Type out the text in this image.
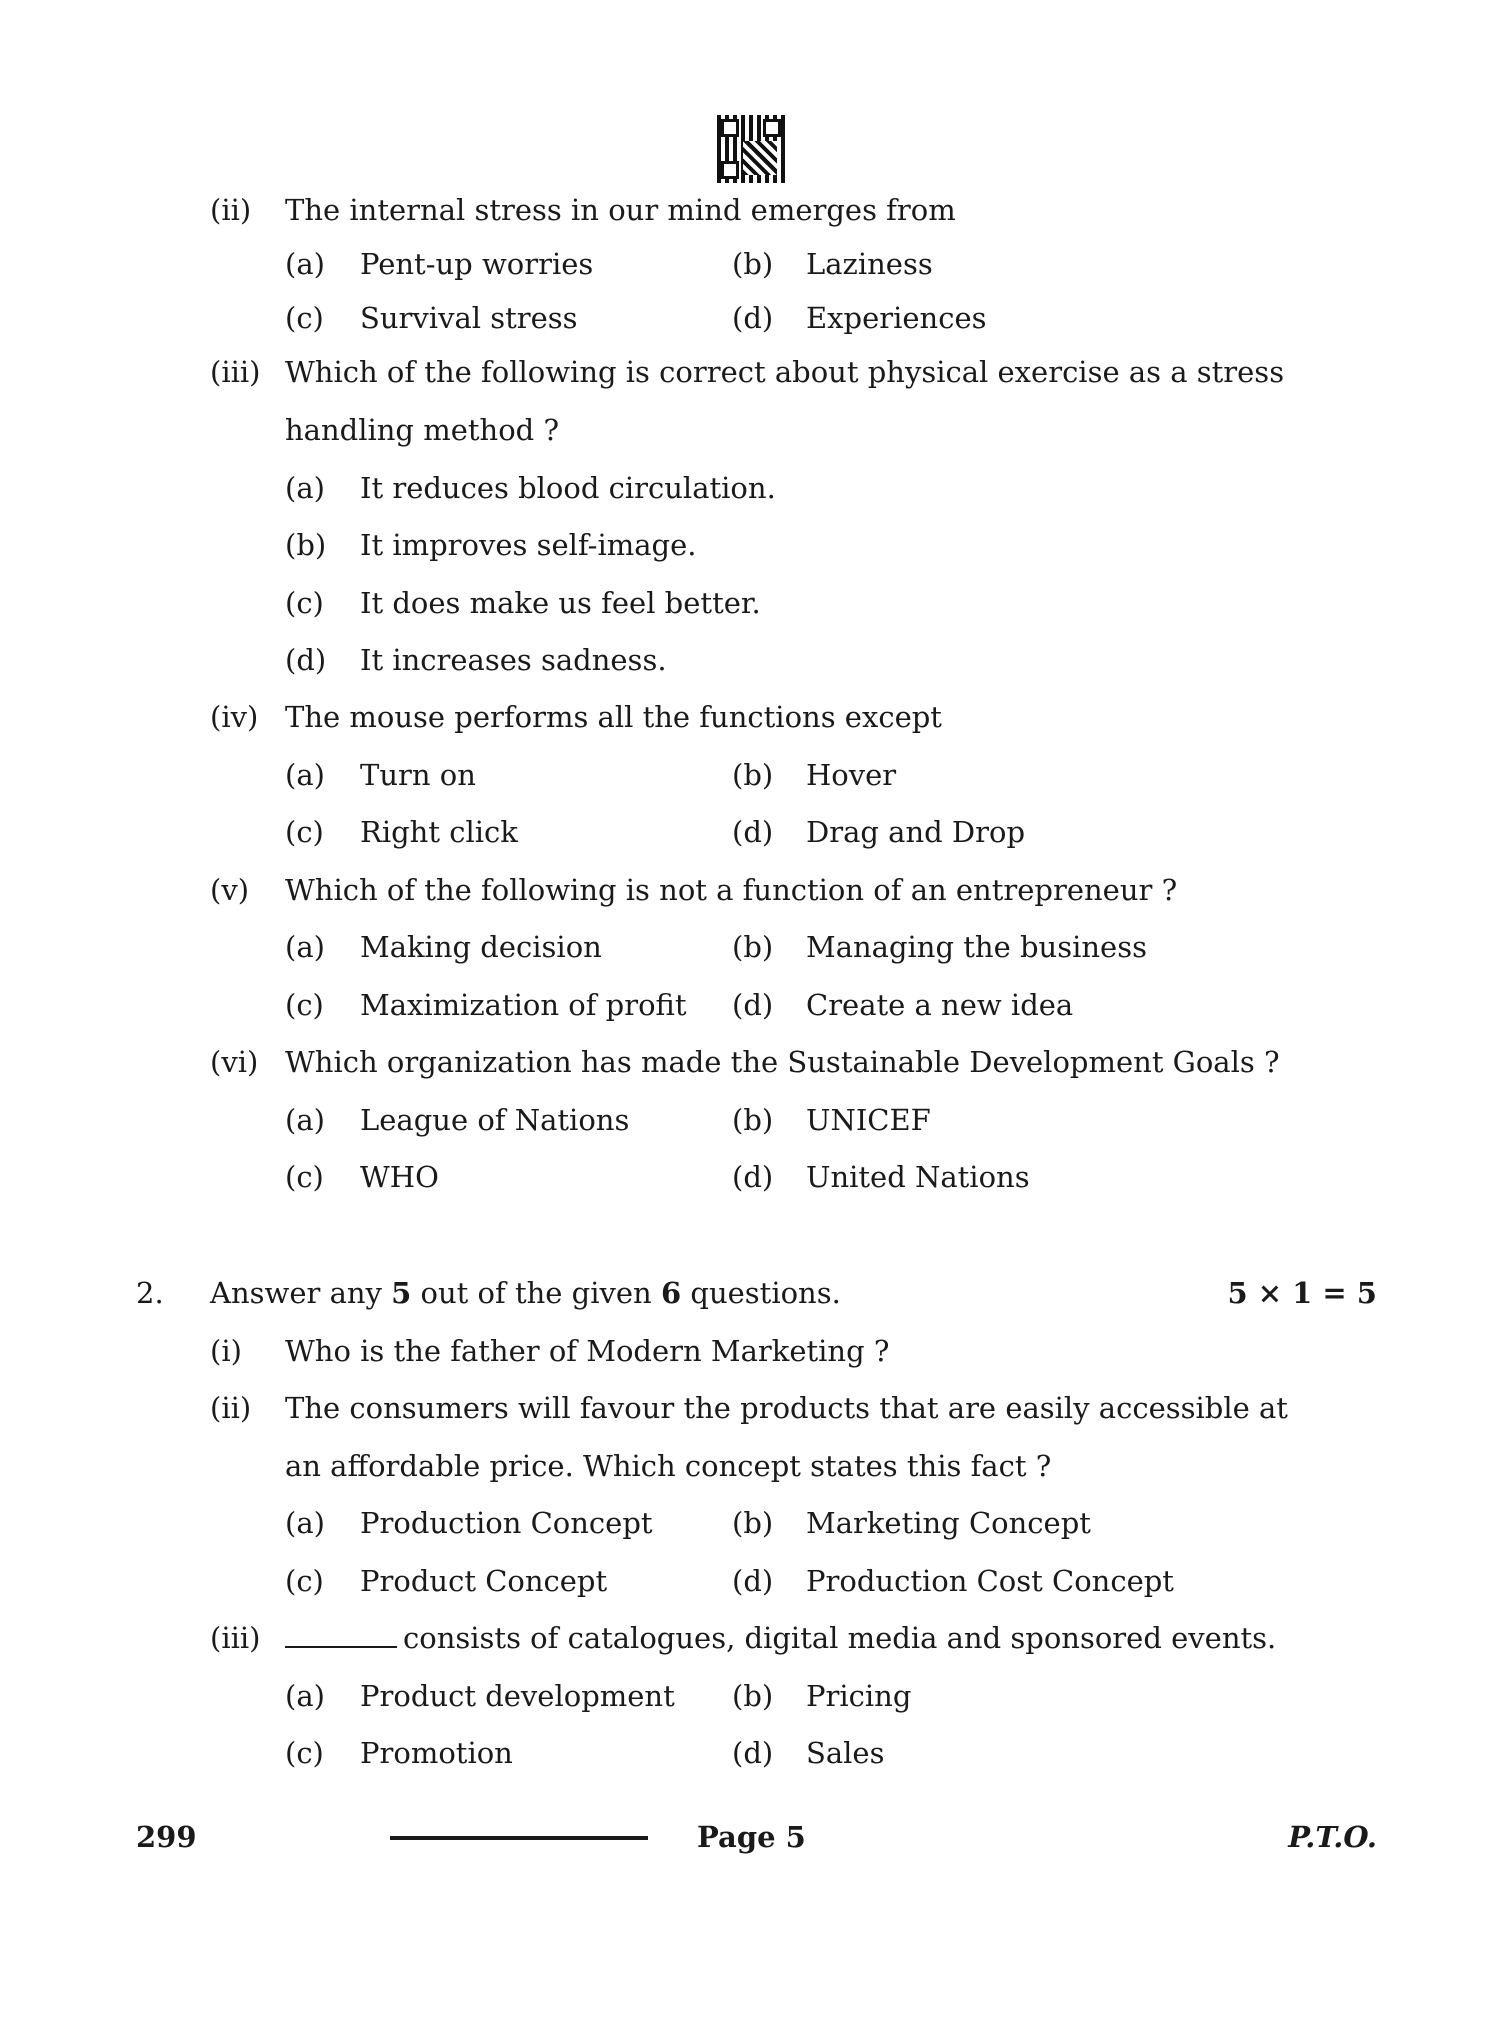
(ii) The internal stress in our mind emerges from
(a) Pent-up worries	(b) Laziness
(c) Survival stress	(d) Experiences
(iii) Which of the following is correct about physical exercise as a stress
handling method ?
(a) It reduces blood circulation.
(b) It improves self-image.
(c) It does make us feel better.
(d) It increases sadness.
(iv) The mouse performs all the functions except
(a) Turn on	(b) Hover
(c) Right click	(d) Drag and Drop
(v) Which of the following is not a function of an entrepreneur ?
(a) Making decision	(b) Managing the business
(c) Maximization of profit (d) Create a new idea
(vi) Which organization has made the Sustainable Development Goals ?
(a) League of Nations	(b) UNICEF
(c) WHO	(d) United Nations
2. Answer any 5 out of the given 6 questions.	5 × 1 = 5
(i) Who is the father of Modern Marketing ?
(ii) The consumers will favour the products that are easily accessible at
an affordable price. Which concept states this fact ?
(a) Production Concept	(b) Marketing Concept
(c) Product Concept	(d) Production Cost Concept
(iii)	consists of catalogues, digital media and sponsored events.
(a) Product development (b) Pricing
(c) Promotion	(d) Sales
299	Page 5	P.T.O.
